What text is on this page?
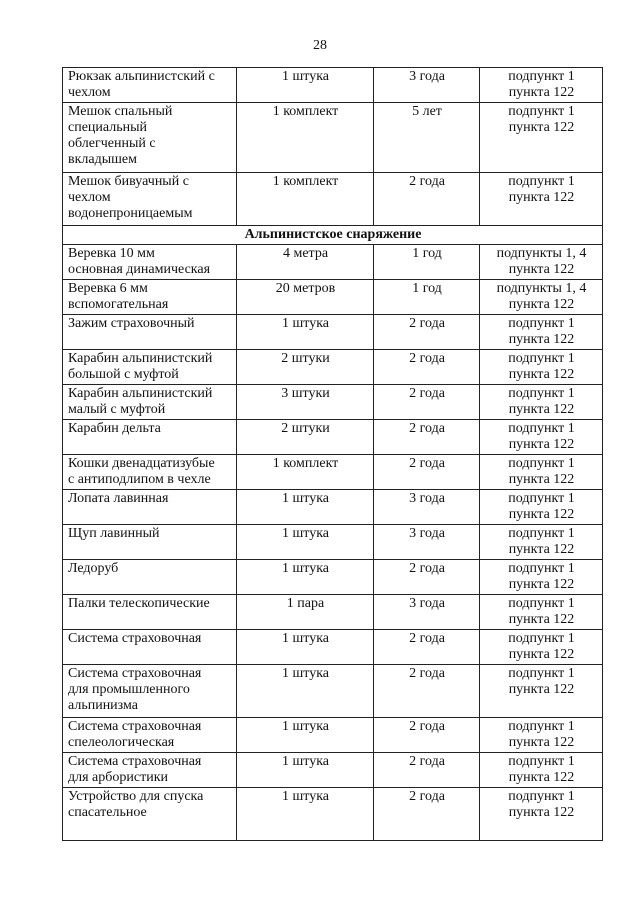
28
Рюкзак альпинистский с
чехлом	1 штука	3 года	подпункт 1
пункта 122
Мешок спальный
специальный
облегченный с
вкладышем	1 комплект	5 лет	подпункт 1
пункта 122
Мешок бивуачный с
чехлом
водонепроницаемым	1 комплект	2 года	подпункт 1
пункта 122
Альпинистское снаряжение			
Веревка 10 мм
основная динамическая	4 метра	1 год	подпункты 1, 4
пункта 122
Веревка 6 мм
вспомогательная	20 метров	1 год	подпункты 1, 4
пункта 122
Зажим страховочный	1 штука	2 года	подпункт 1
пункта 122
Карабин альпинистский
большой с муфтой	2 штуки	2 года	подпункт 1
пункта 122
Карабин альпинистский
малый с муфтой	3 штуки	2 года	подпункт 1
пункта 122
Карабин дельта	2 штуки	2 года	подпункт 1
пункта 122
Кошки двенадцатизубые
с антиподлипом в чехле	1 комплект	2 года	подпункт 1
пункта 122
Лопата лавинная	1 штука	3 года	подпункт 1
пункта 122
Щуп лавинный	1 штука	3 года	подпункт 1
пункта 122
Ледоруб	1 штука	2 года	подпункт 1
пункта 122
Палки телескопические	1 пара	3 года	подпункт 1
пункта 122
Система страховочная	1 штука	2 года	подпункт 1
пункта 122
Система страховочная
для промышленного
альпинизма	1 штука	2 года	подпункт 1
пункта 122
Система страховочная
спелеологическая	1 штука	2 года	подпункт 1
пункта 122
Система страховочная
для арбористики	1 штука	2 года	подпункт 1
пункта 122
Устройство для спуска
спасательное	1 штука	2 года	подпункт 1
пункта 122
